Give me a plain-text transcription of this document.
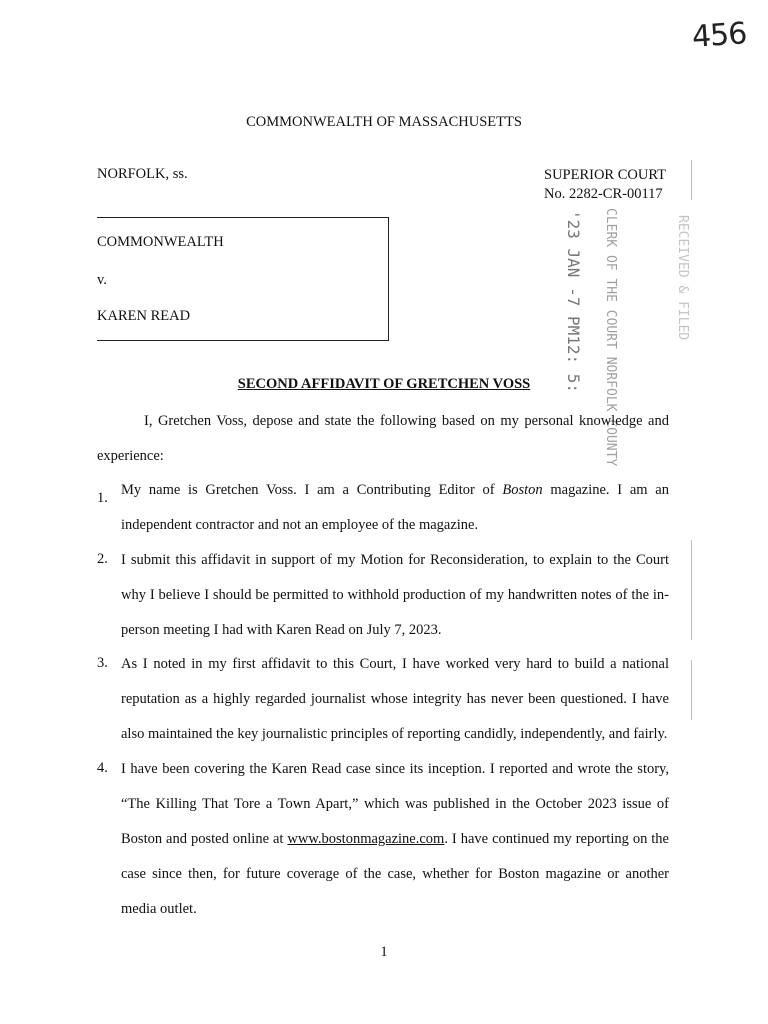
456
COMMONWEALTH OF MASSACHUSETTS
NORFOLK, ss.	SUPERIOR COURT
No. 2282-CR-00117
COMMONWEALTH
v.
KAREN READ	CLERK OF THE COURT NORFOLK COUNTY
'23 JAN -7 PM12: 5:	RECEIVED & FILED
SECOND AFFIDAVIT OF GRETCHEN VOSS
I, Gretchen Voss, depose and state the following based on my personal knowledge and experience:
1. My name is Gretchen Voss. I am a Contributing Editor of Boston magazine. I am an independent contractor and not an employee of the magazine.
2. I submit this affidavit in support of my Motion for Reconsideration, to explain to the Court why I believe I should be permitted to withhold production of my handwritten notes of the in-person meeting I had with Karen Read on July 7, 2023.
3. As I noted in my first affidavit to this Court, I have worked very hard to build a national reputation as a highly regarded journalist whose integrity has never been questioned. I have also maintained the key journalistic principles of reporting candidly, independently, and fairly.
4. I have been covering the Karen Read case since its inception. I reported and wrote the story, “The Killing That Tore a Town Apart,” which was published in the October 2023 issue of Boston and posted online at www.bostonmagazine.com. I have continued my reporting on the case since then, for future coverage of the case, whether for Boston magazine or another media outlet.
1
